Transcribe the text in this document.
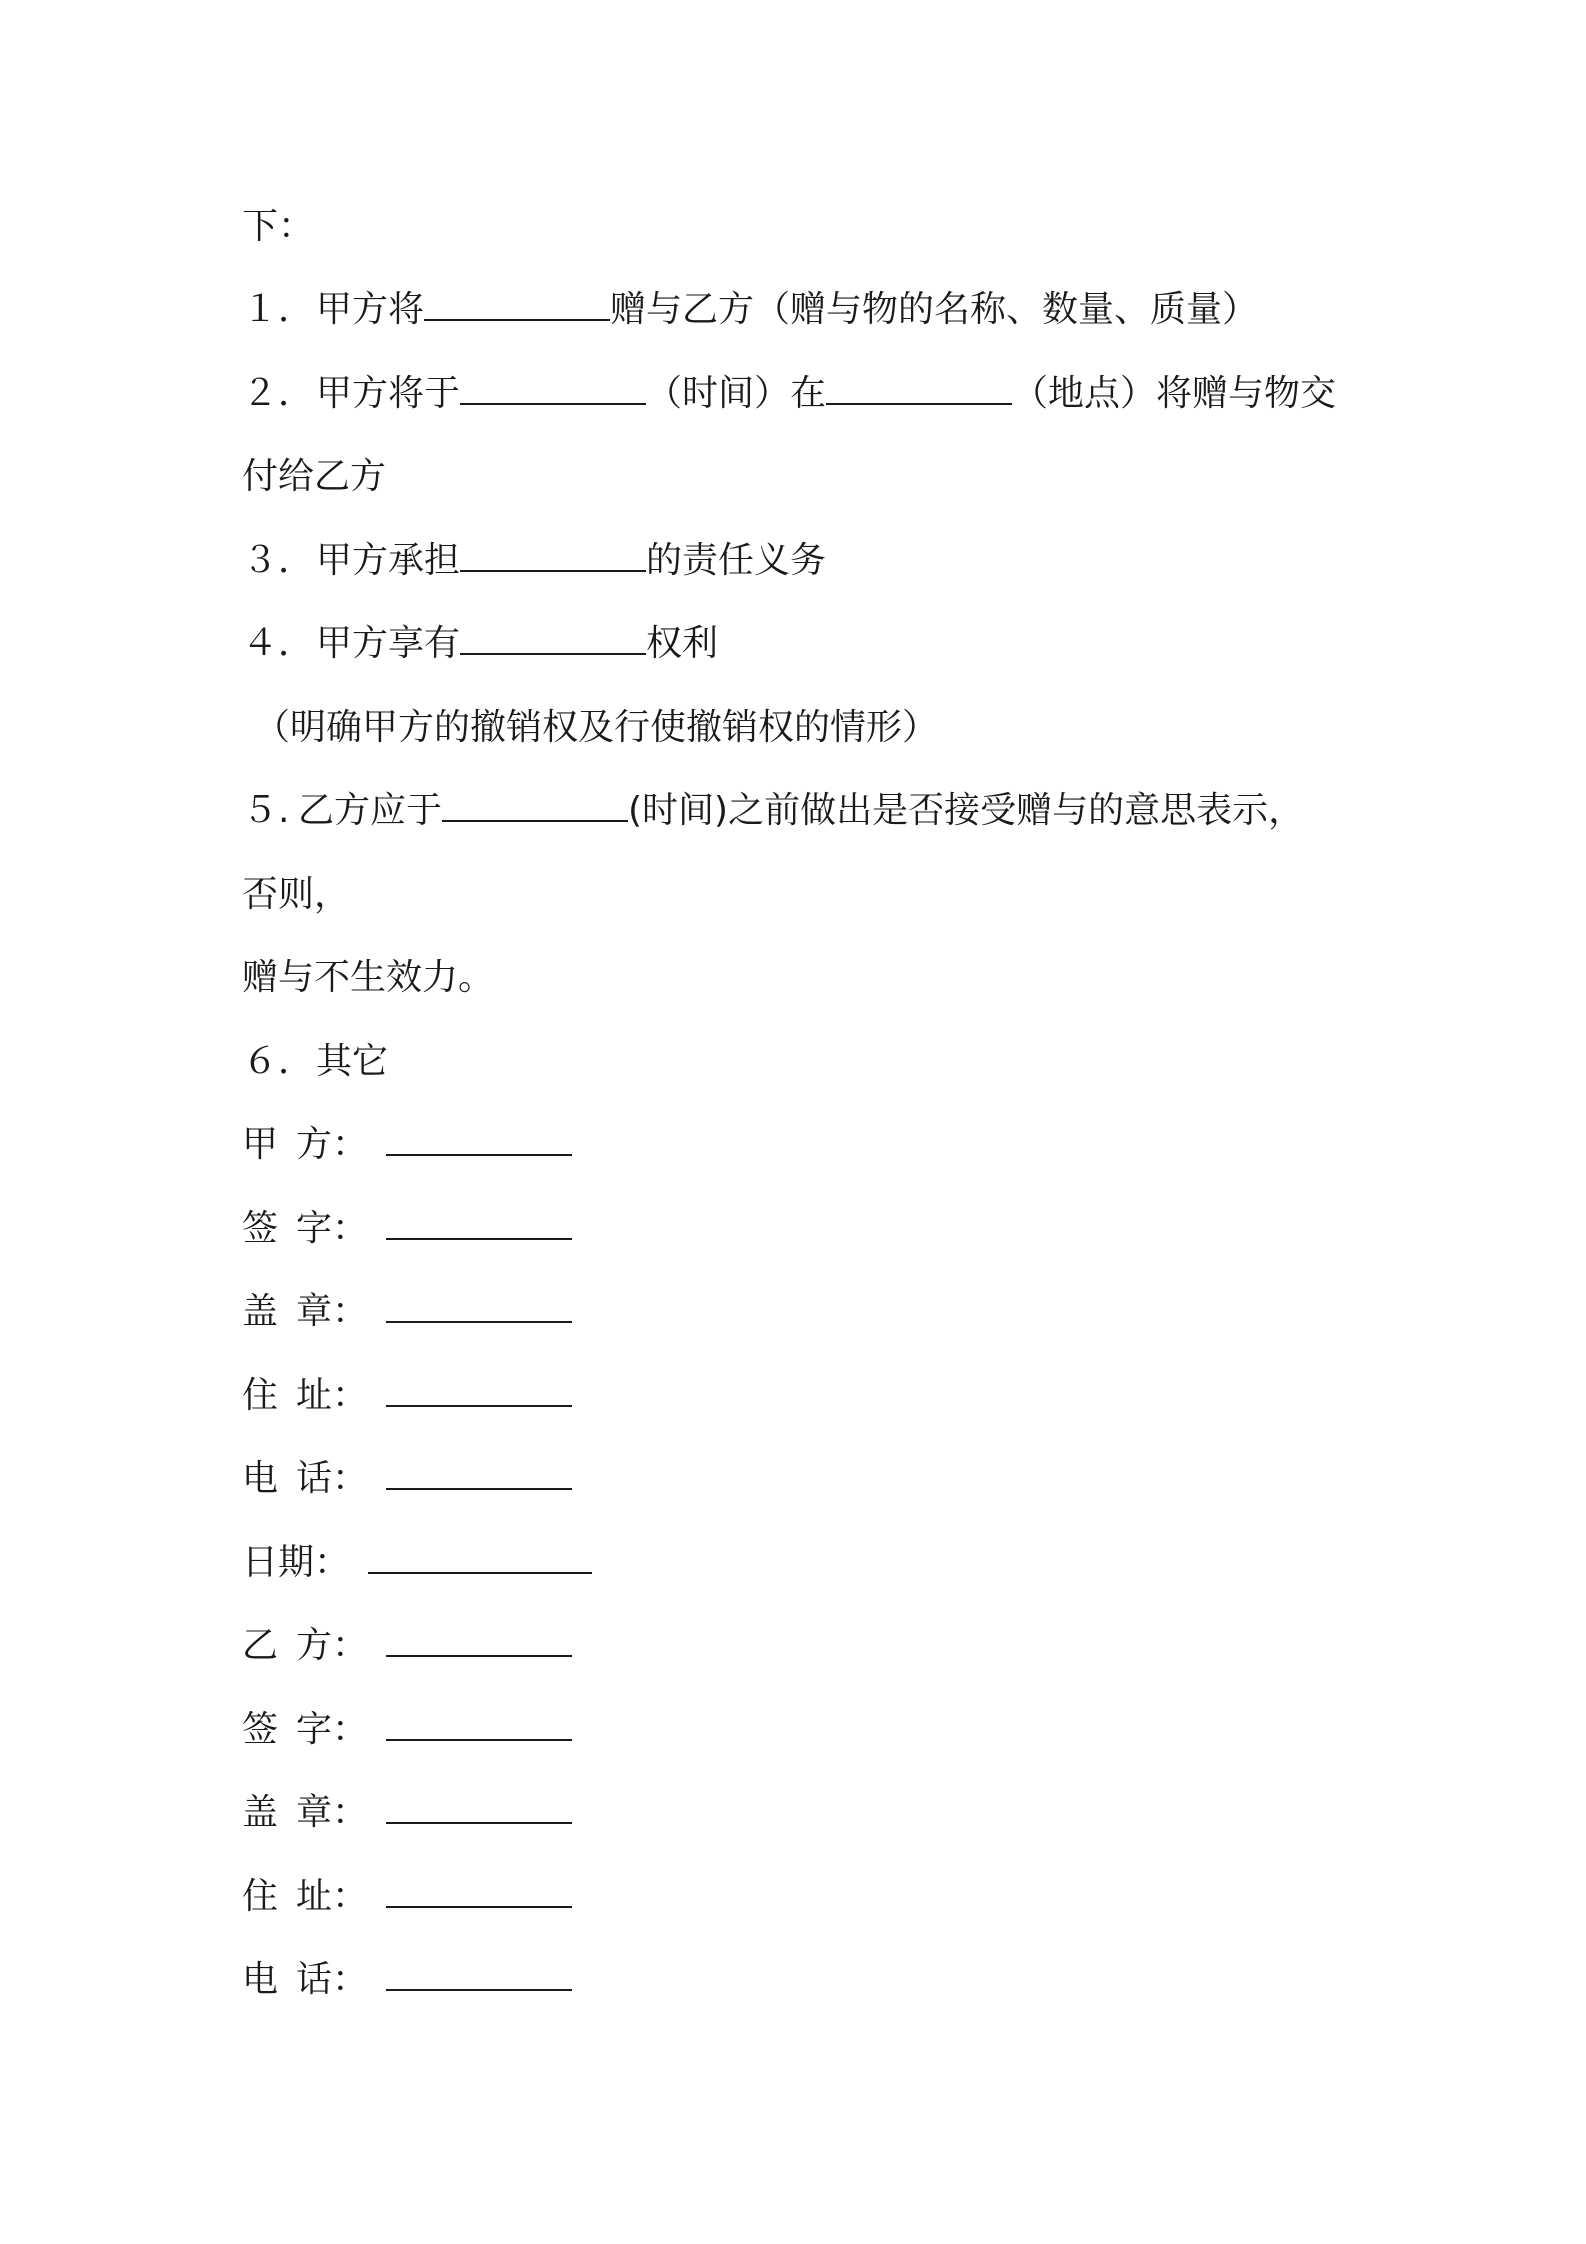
下：
１．甲方将	赠与乙方（赠与物的名称、数量、质量）
２．甲方将于	（时间）在	（地点）将赠与物交
付给乙方
３．甲方承担	的责任义务
４．甲方享有	权利
（明确甲方的撤销权及行使撤销权的情形）
５. 乙方应于	(时间)之前做出是否接受赠与的意思表示，
否则，
赠与不生效力。
６．其它
甲 方：
签 字：
盖 章：
住 址：
电 话：
日期：
乙 方：
签 字：
盖 章：
住 址：
电 话：
